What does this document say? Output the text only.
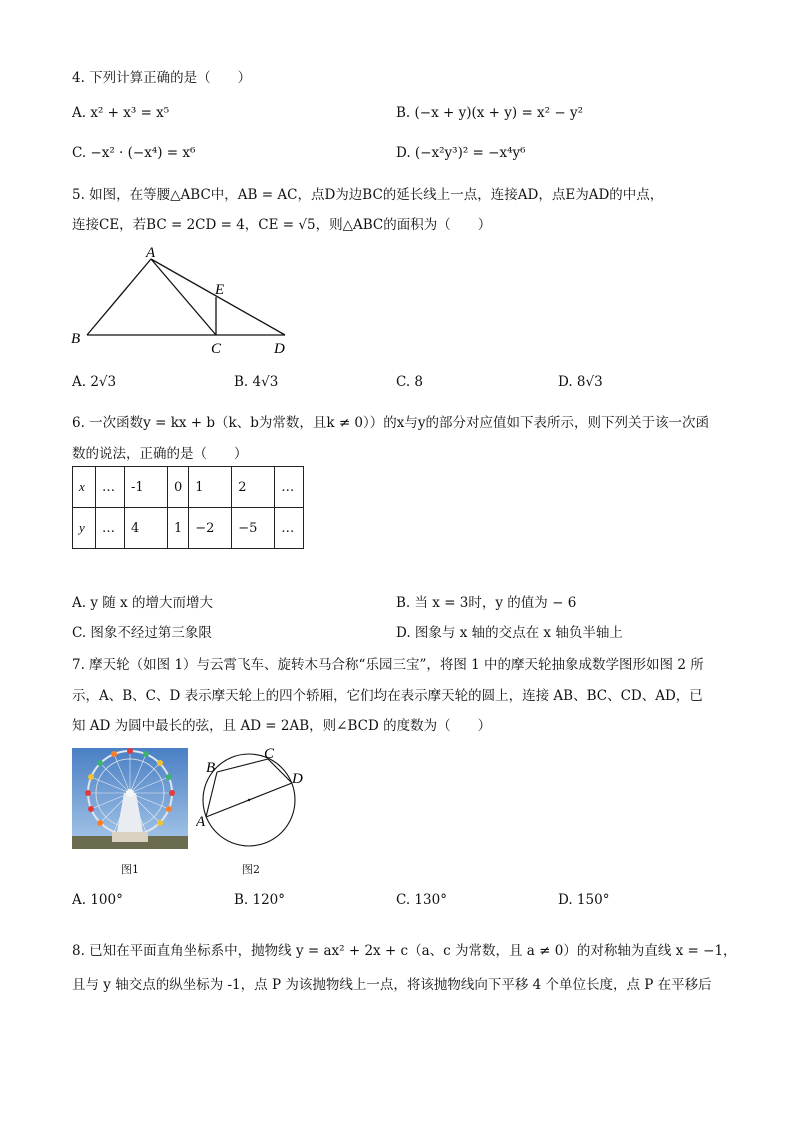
4. 下列计算正确的是（　　）
A. x² + x³ = x⁵	B. (−x + y)(x + y) = x² − y²
C. −x² · (−x⁴) = x⁶	D. (−x²y³)² = −x⁴y⁶
5. 如图，在等腰△ABC中，AB = AC，点D为边BC的延长线上一点，连接AD，点E为AD的中点，
连接CE，若BC = 2CD = 4，CE = √5，则△ABC的面积为（　　）
A
B
C	D
E
A. 2√3	B. 4√3	C. 8	D. 8√3
6. 一次函数y = kx + b（k、b为常数，且k ≠ 0））的x与y的部分对应值如下表所示，则下列关于该一次函
数的说法，正确的是（　　）
x	…	-1	0	1	2	…
y	…	4	1	−2	−5	…
A. y 随 x 的增大而增大	B. 当 x = 3时，y 的值为 − 6
C. 图象不经过第三象限	D. 图象与 x 轴的交点在 x 轴负半轴上
7. 摩天轮（如图 1）与云霄飞车、旋转木马合称“乐园三宝”，将图 1 中的摩天轮抽象成数学图形如图 2 所
示，A、B、C、D 表示摩天轮上的四个轿厢，它们均在表示摩天轮的圆上，连接 AB、BC、CD、AD，已
知 AD 为圆中最长的弦，且 AD = 2AB，则∠BCD 的度数为（　　）
A
B
C
D
图1	图2
A. 100°	B. 120°	C. 130°	D. 150°
8. 已知在平面直角坐标系中，抛物线 y = ax² + 2x + c（a、c 为常数，且 a ≠ 0）的对称轴为直线 x = −1，
且与 y 轴交点的纵坐标为 -1，点 P 为该抛物线上一点，将该抛物线向下平移 4 个单位长度，点 P 在平移后
